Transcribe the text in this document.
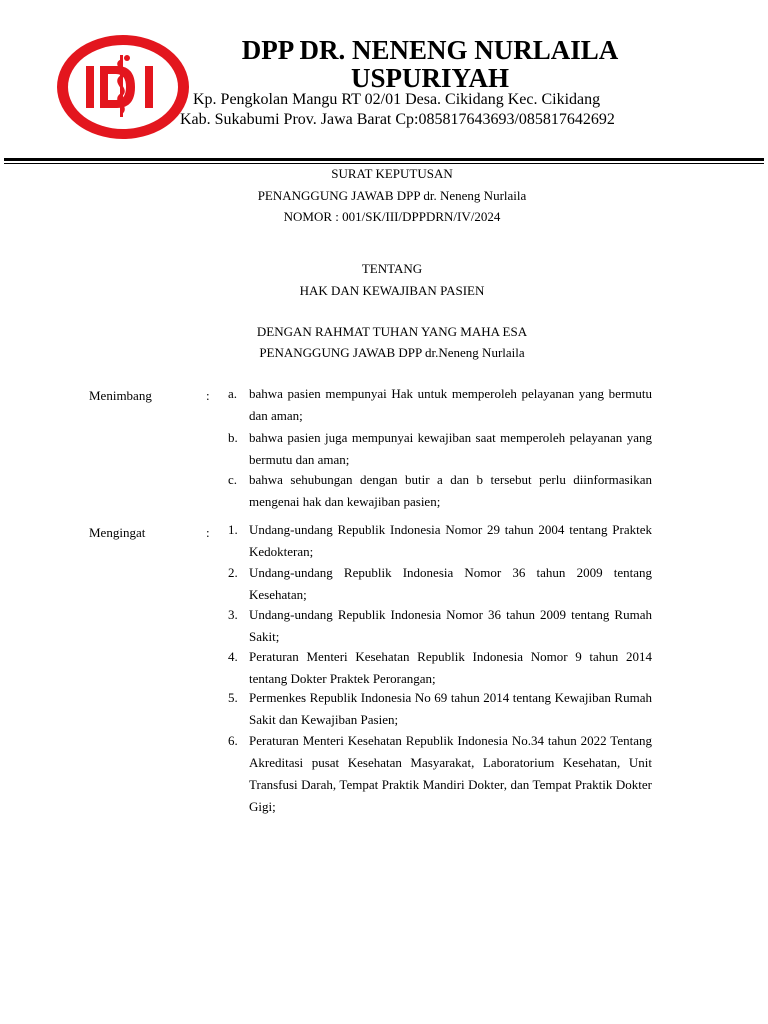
DPP DR. NENENG NURLAILA
USPURIYAH
Kp. Pengkolan Mangu RT 02/01 Desa. Cikidang Kec. Cikidang
Kab. Sukabumi Prov. Jawa Barat Cp:085817643693/085817642692
SURAT KEPUTUSAN
PENANGGUNG JAWAB DPP dr. Neneng Nurlaila
NOMOR : 001/SK/III/DPPDRN/IV/2024
TENTANG
HAK DAN KEWAJIBAN PASIEN
DENGAN RAHMAT TUHAN YANG MAHA ESA
PENANGGUNG JAWAB DPP dr.Neneng Nurlaila
Menimbang	: a. bahwa pasien mempunyai Hak untuk memperoleh pelayanan yang bermutu dan aman;
b. bahwa pasien juga mempunyai kewajiban saat memperoleh pelayanan yang bermutu dan aman;
c. bahwa sehubungan dengan butir a dan b tersebut perlu diinformasikan mengenai hak dan kewajiban pasien;
Mengingat	: 1. Undang-undang Republik Indonesia Nomor 29 tahun 2004 tentang Praktek Kedokteran;
2. Undang-undang Republik Indonesia Nomor 36 tahun 2009 tentang Kesehatan;
3. Undang-undang Republik Indonesia Nomor 36 tahun 2009 tentang Rumah Sakit;
4. Peraturan Menteri Kesehatan Republik Indonesia Nomor 9 tahun 2014 tentang Dokter Praktek Perorangan;
5. Permenkes Republik Indonesia No 69 tahun 2014 tentang Kewajiban Rumah Sakit dan Kewajiban Pasien;
6. Peraturan Menteri Kesehatan Republik Indonesia No.34 tahun 2022 Tentang Akreditasi pusat Kesehatan Masyarakat, Laboratorium Kesehatan, Unit Transfusi Darah, Tempat Praktik Mandiri Dokter, dan Tempat Praktik Dokter Gigi;
